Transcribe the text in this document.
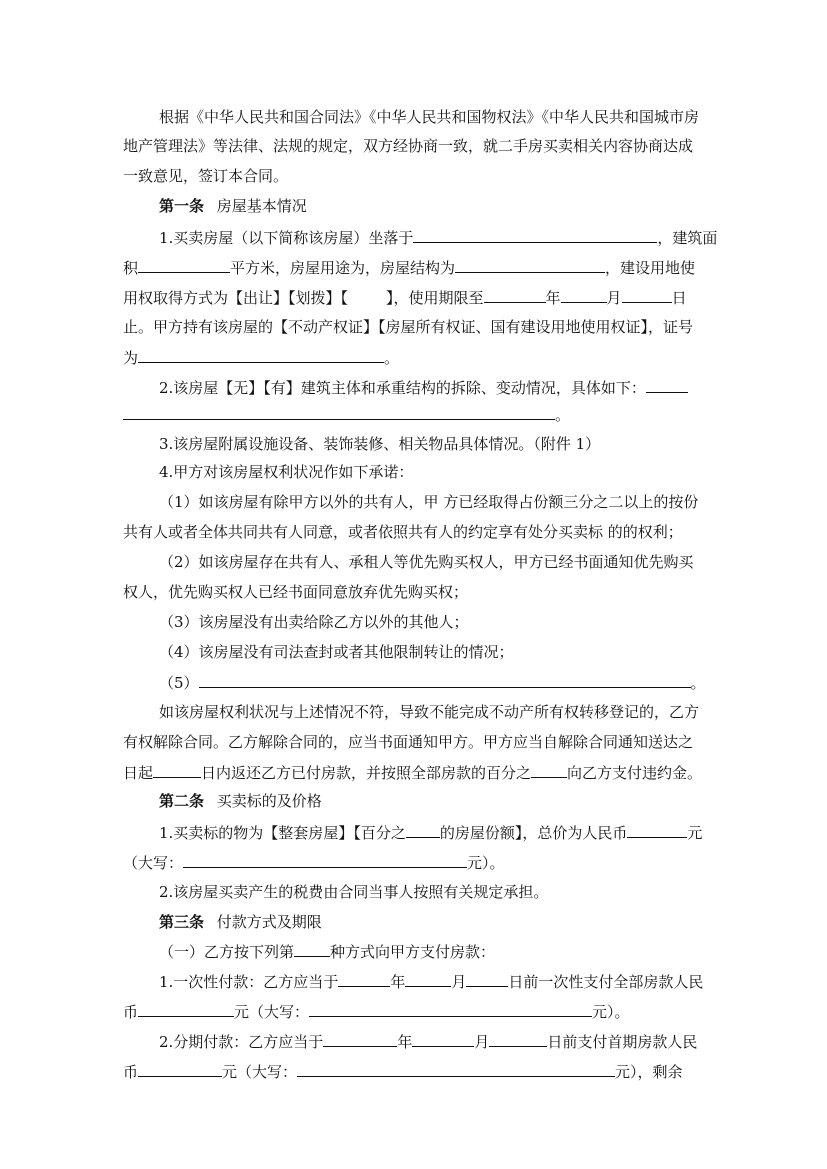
根据《中华人民共和国合同法》《中华人民共和国物权法》《中华人民共和国城市房
地产管理法》等法律、法规的规定，双方经协商一致，就二手房买卖相关内容协商达成
一致意见，签订本合同。
第一条 房屋基本情况
1.买卖房屋（以下简称该房屋）坐落于	，建筑面
积	平方米，房屋用途为，房屋结构为	，建设用地使
用权取得方式为【出让】【划拨】【	】，使用期限至	年	月	日
止。甲方持有该房屋的【不动产权证】【房屋所有权证、国有建设用地使用权证】，证号
为	。
2.该房屋【无】【有】建筑主体和承重结构的拆除、变动情况，具体如下：
。
3.该房屋附属设施设备、装饰装修、相关物品具体情况。（附件 1）
4.甲方对该房屋权利状况作如下承诺：
（1）如该房屋有除甲方以外的共有人，甲 方已经取得占份额三分之二以上的按份
共有人或者全体共同共有人同意，或者依照共有人的约定享有处分买卖标 的的权利；
（2）如该房屋存在共有人、承租人等优先购买权人，甲方已经书面通知优先购买
权人，优先购买权人已经书面同意放弃优先购买权；
（3）该房屋没有出卖给除乙方以外的其他人；
（4）该房屋没有司法查封或者其他限制转让的情况；
（5）	。
如该房屋权利状况与上述情况不符，导致不能完成不动产所有权转移登记的，乙方
有权解除合同。乙方解除合同的，应当书面通知甲方。甲方应当自解除合同通知送达之
日起	日内返还乙方已付房款，并按照全部房款的百分之 向乙方支付违约金。
第二条 买卖标的及价格
1.买卖标的物为【整套房屋】【百分之 的房屋份额】，总价为人民币	元
（大写：	元）。
2.该房屋买卖产生的税费由合同当事人按照有关规定承担。
第三条 付款方式及期限
（一）乙方按下列第 种方式向甲方支付房款：
1.一次性付款：乙方应当于	年	月	日前一次性支付全部房款人民
币	元（大写：	元）。
2.分期付款：乙方应当于	年	月	日前支付首期房款人民
币	元（大写：	元），剩余
